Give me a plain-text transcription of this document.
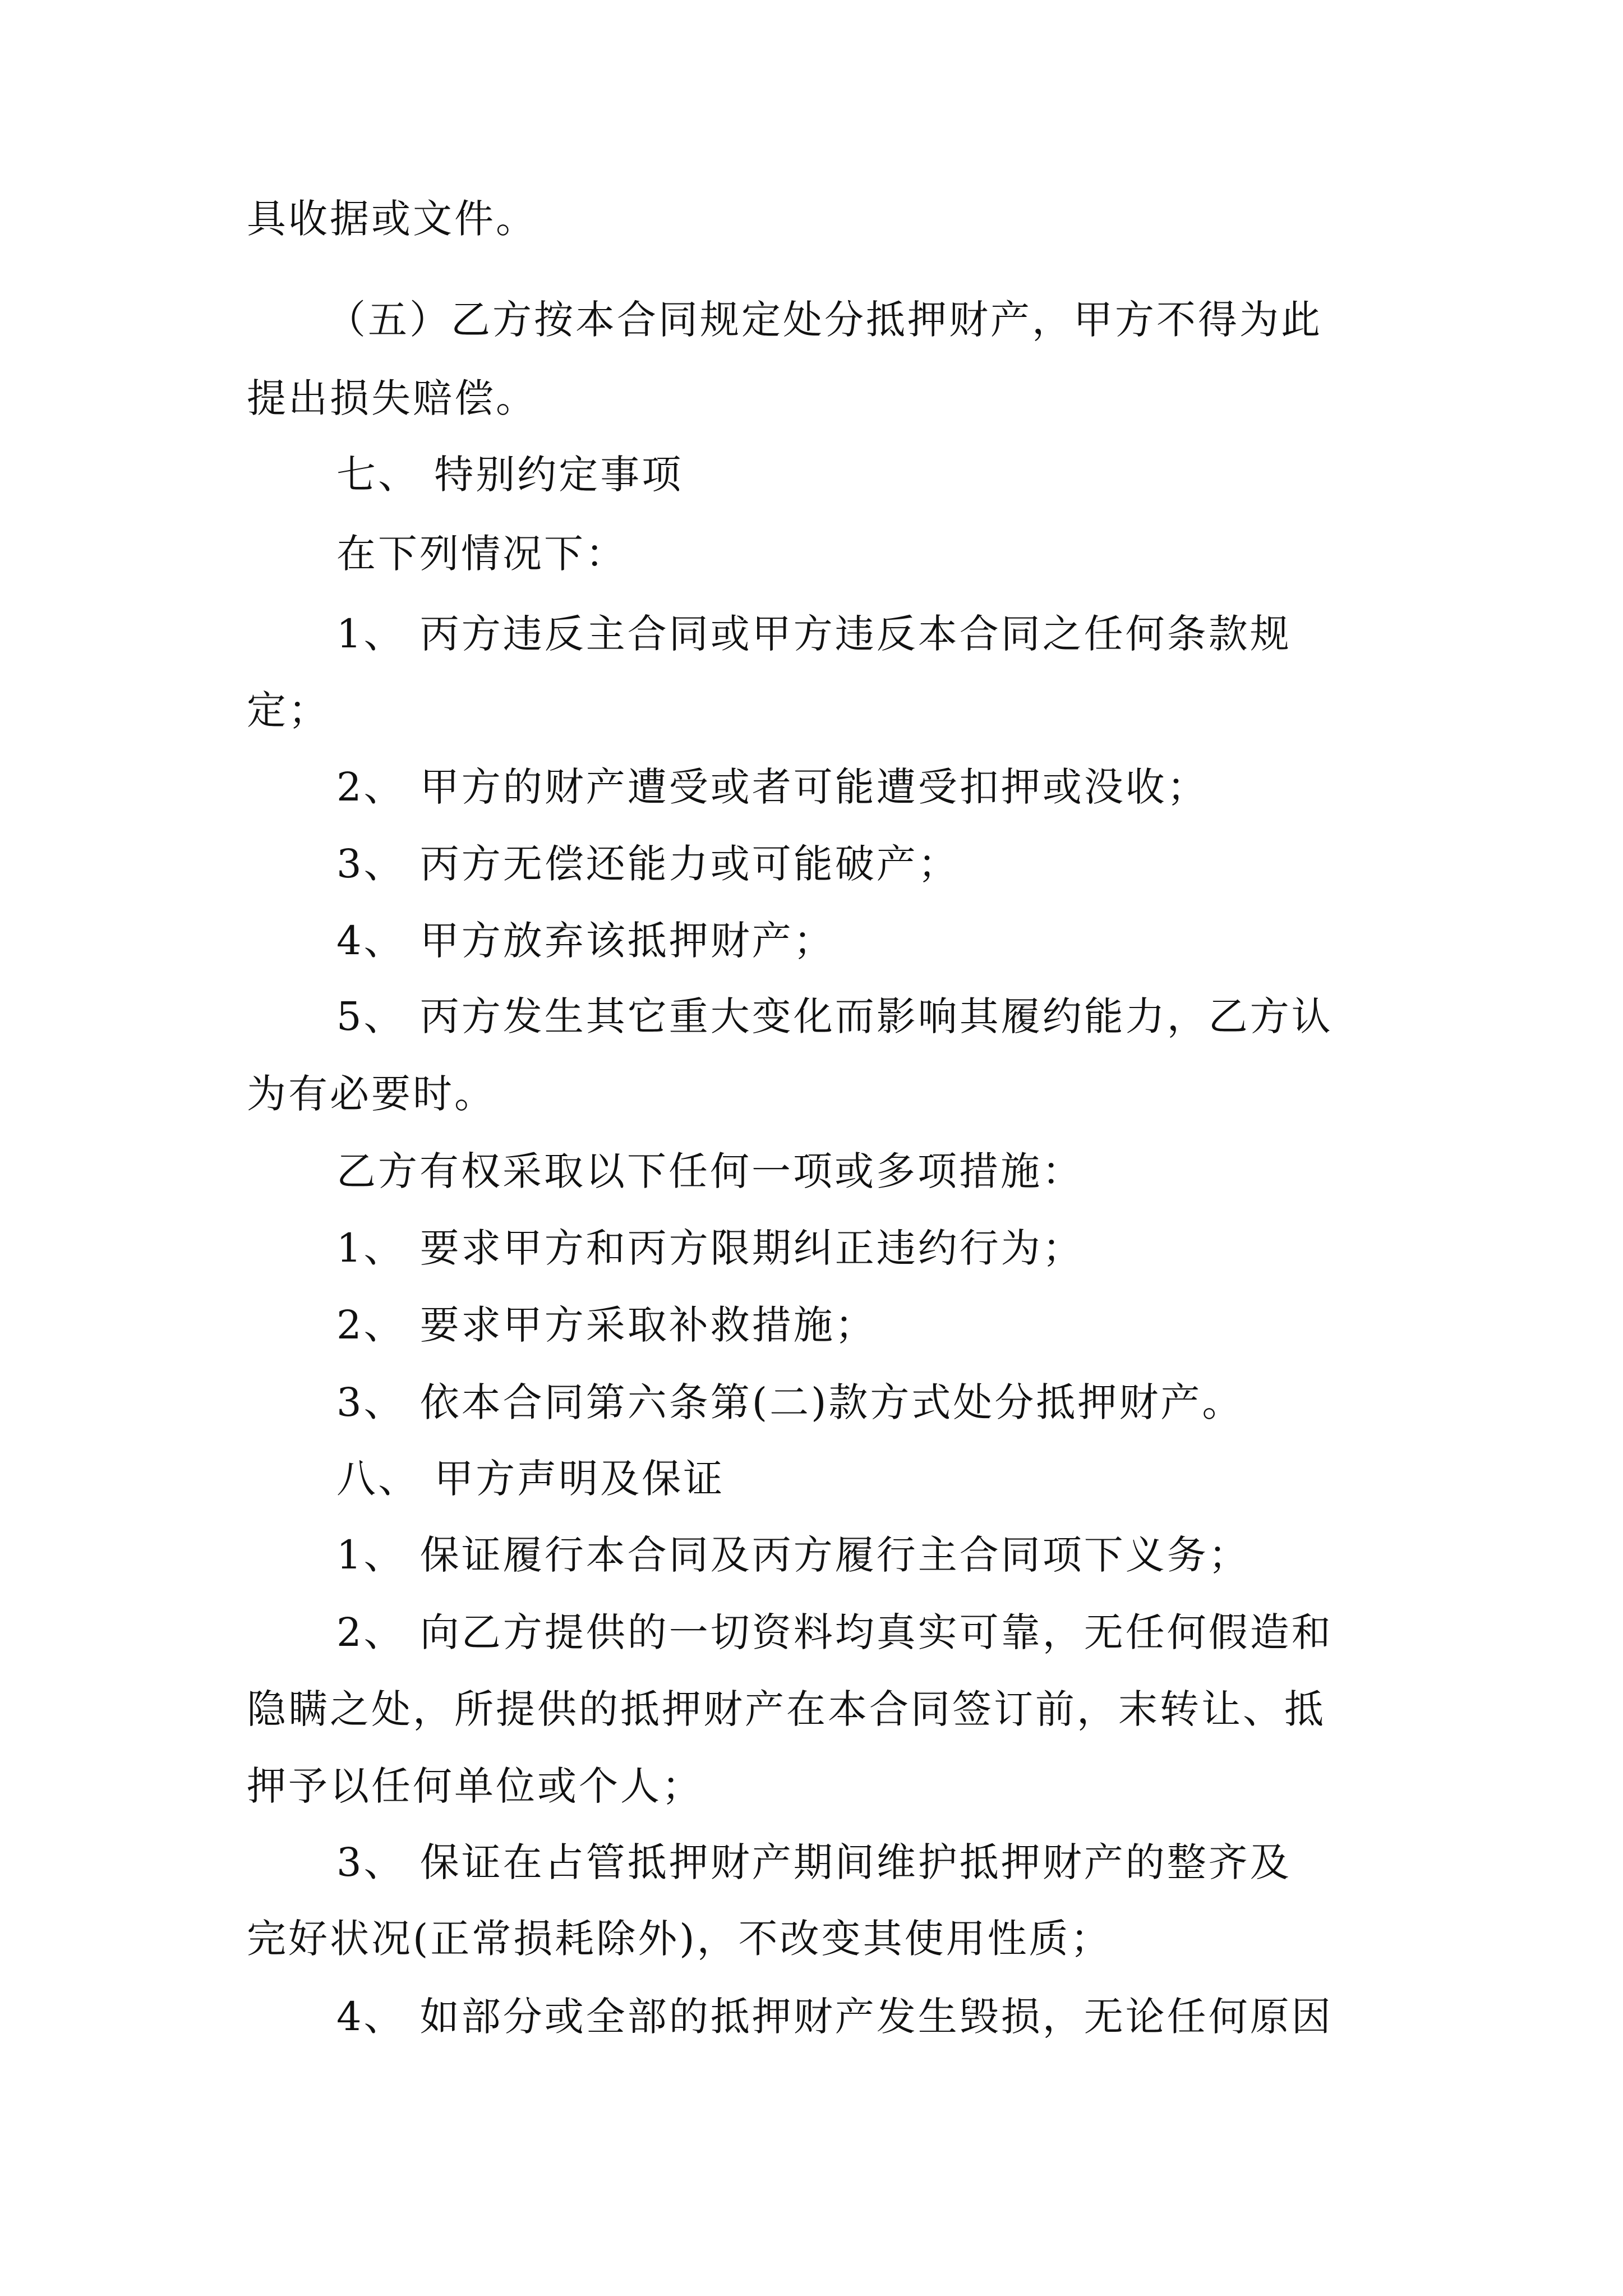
具收据或文件。
（五）乙方按本合同规定处分抵押财产，甲方不得为此
提出损失赔偿。
七、 特别约定事项
在下列情况下：
1、 丙方违反主合同或甲方违反本合同之任何条款规
定；
2、 甲方的财产遭受或者可能遭受扣押或没收；
3、 丙方无偿还能力或可能破产；
4、 甲方放弃该抵押财产；
5、 丙方发生其它重大变化而影响其履约能力，乙方认
为有必要时。
乙方有权采取以下任何一项或多项措施：
1、 要求甲方和丙方限期纠正违约行为；
2、 要求甲方采取补救措施；
3、 依本合同第六条第(二)款方式处分抵押财产。
八、 甲方声明及保证
1、 保证履行本合同及丙方履行主合同项下义务；
2、 向乙方提供的一切资料均真实可靠，无任何假造和
隐瞒之处，所提供的抵押财产在本合同签订前，末转让、抵
押予以任何单位或个人；
3、 保证在占管抵押财产期间维护抵押财产的整齐及
完好状况(正常损耗除外)，不改变其使用性质；
4、 如部分或全部的抵押财产发生毁损，无论任何原因
